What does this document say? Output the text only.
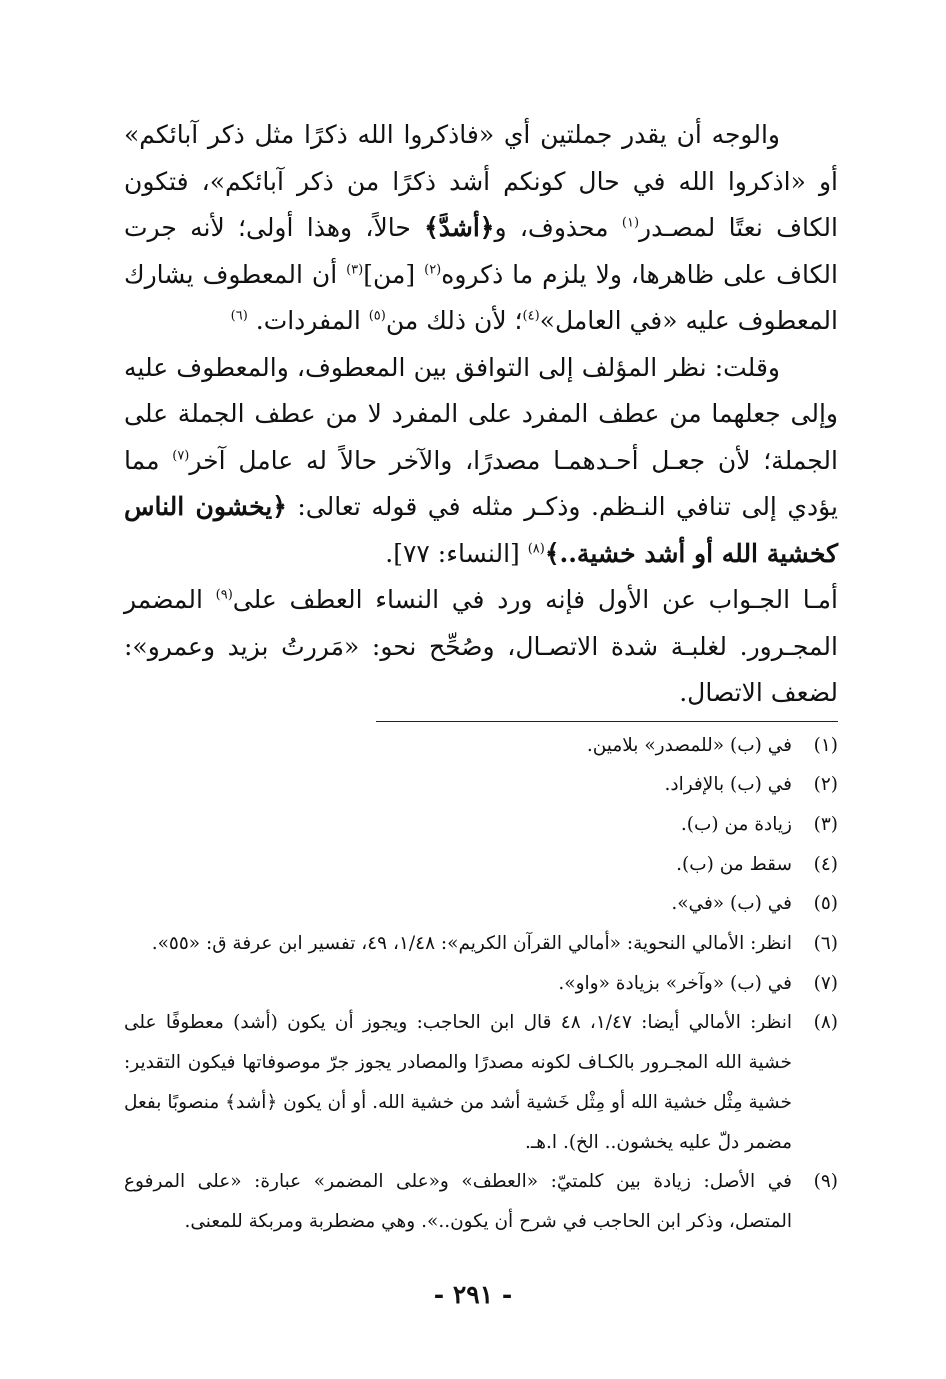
والوجه أن يقدر جملتين أي «فاذكروا الله ذكرًا مثل ذكر آبائكم» أو «اذكروا الله في حال كونكم أشد ذكرًا من ذكر آبائكم»، فتكون الكاف نعتًا لمصـدر$^{(١)}$ محذوف، و﴿أشدَّ﴾ حالاً، وهذا أولى؛ لأنه جرت الكاف على ظاهرها، ولا يلزم ما ذكروه$^{(٢)}$ [من]$^{(٣)}$ أن المعطوف يشارك المعطوف عليه «في العامل»$^{(٤)}$؛ لأن ذلك من$^{(٥)}$ المفردات. $^{(٦)}$

وقلت: نظر المؤلف إلى التوافق بين المعطوف، والمعطوف عليه وإلى جعلهما من عطف المفرد على المفرد لا من عطف الجملة على الجملة؛ لأن جعـل أحـدهمـا مصدرًا، والآخر حالاً له عامل آخر$^{(٧)}$ مما يؤدي إلى تنافي النـظم. وذكـر مثله في قوله تعالى: ﴿يخشون الناس كخشية الله أو أشد خشية..﴾$^{(٨)}$ [النساء: ٧٧].

أمـا الجـواب عن الأول فإنه ورد في النساء العطف على$^{(٩)}$ المضمر المجـرور. لغلبـة شدة الاتصـال، وصُحِّح نحو: «مَررتُ بزيد وعمرو»: لضعف الاتصال.

(١)
في (ب) «للمصدر» بلامين.
(٢)
في (ب) بالإفراد.
(٣)
زيادة من (ب).
(٤)
سقط من (ب).
(٥)
في (ب) «في».
(٦)
انظر: الأمالي النحوية: «أمالي القرآن الكريم»: ١/٤٨، ٤٩، تفسير ابن عرفة ق: «٥٥».
(٧)
في (ب) «وآخر» بزيادة «واو».
(٨)
انظر: الأمالي أيضا: ١/٤٧، ٤٨ قال ابن الحاجب: ويجوز أن يكون (أشد) معطوفًا على خشية الله المجـرور بالكـاف لكونه مصدرًا والمصادر يجوز جرّ موصوفاتها فيكون التقدير: خشية مِثْل خشية الله أو مِثْل خَشية أشد من خشية الله. أو أن يكون ﴿أشد﴾ منصوبًا بفعل مضمر دلّ عليه يخشون.. الخ). ا.هـ.
(٩)
في الأصل: زيادة بين كلمتيّ: «العطف» و«على المضمر» عبارة: «على المرفوع المتصل، وذكر ابن الحاجب في شرح أن يكون..». وهي مضطربة ومربكة للمعنى.
- ٢٩١ -
